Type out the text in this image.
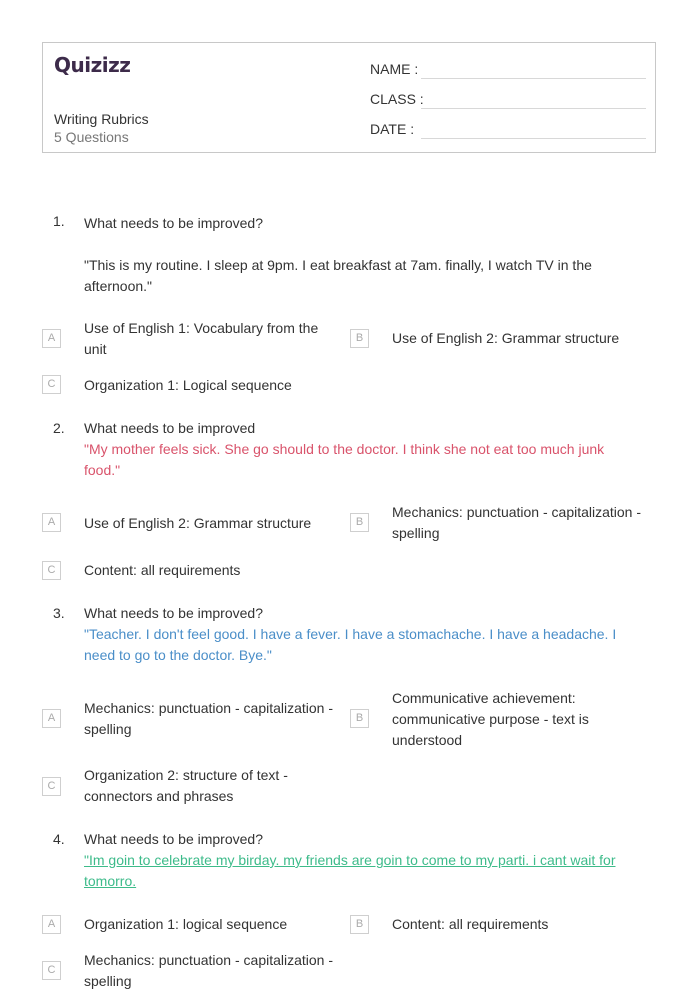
Quizizz
Writing Rubrics
5 Questions
NAME :
CLASS :
DATE :
1. What needs to be improved?
"This is my routine. I sleep at 9pm. I eat breakfast at 7am. finally, I watch TV in the afternoon."
A
Use of English 1: Vocabulary from the unit
B	Use of English 2: Grammar structure
C	Organization 1: Logical sequence
2. What needs to be improved
"My mother feels sick. She go should to the doctor. I think she not eat too much junk food."
A	Use of English 2: Grammar structure	B
Mechanics: punctuation - capitalization - spelling
C	Content: all requirements
3. What needs to be improved?
"Teacher. I don't feel good. I have a fever. I have a stomachache. I have a headache. I need to go to the doctor. Bye."
A
Mechanics: punctuation - capitalization - spelling
B
Communicative achievement: communicative purpose - text is understood
C
Organization 2: structure of text - connectors and phrases
4. What needs to be improved?
"Im goin to celebrate my birday. my friends are goin to come to my parti. i cant wait for tomorro.
A	Organization 1: logical sequence	B	Content: all requirements
C
Mechanics: punctuation - capitalization - spelling
